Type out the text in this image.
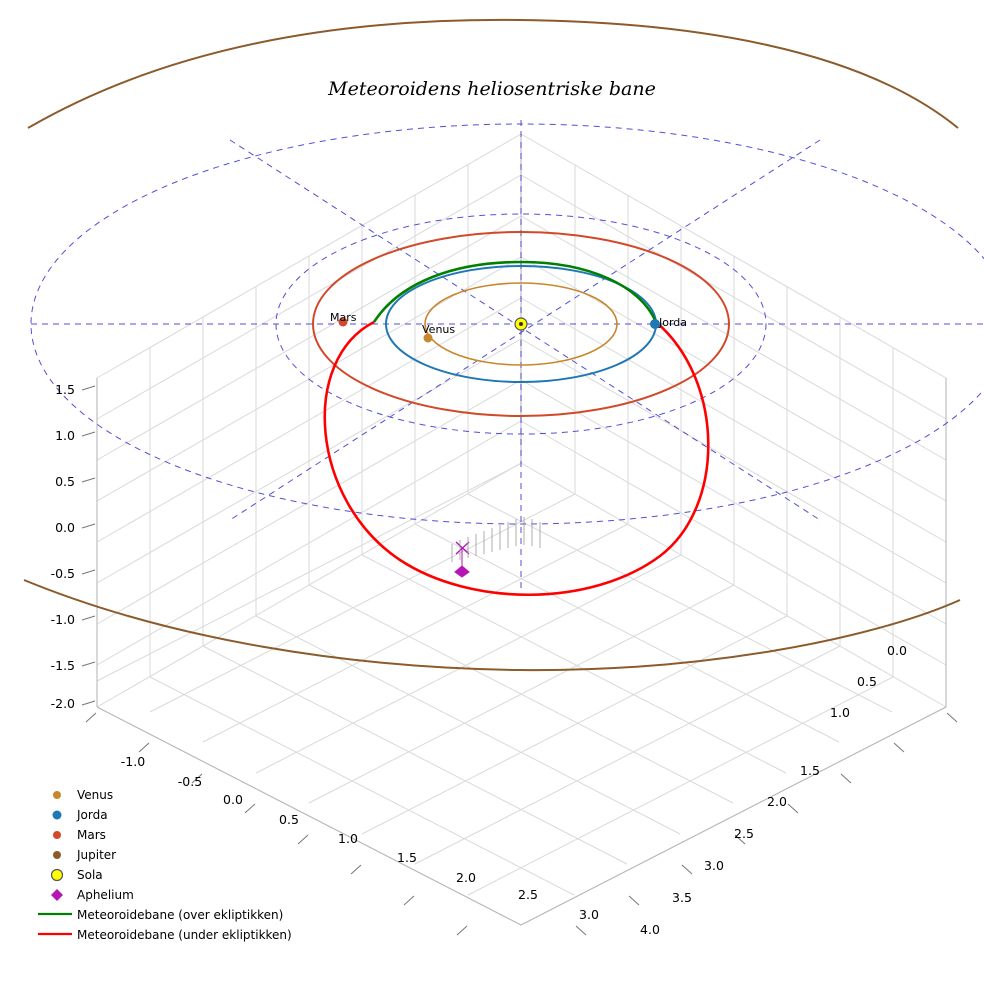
Mars
Venus
Jorda
Meteoroidens heliosentriske bane
1.5
1.0
0.5
0.0
-0.5
-1.0
-1.5
-2.0
-1.0
-0.5
0.0
0.5
1.0
1.5
2.0
2.5
3.0
0.0
0.5
1.0
1.5
2.0
2.5
3.0
3.5
4.0
Venus
Jorda
Mars
Jupiter
Sola
Aphelium
Meteoroidebane (over ekliptikken)
Meteoroidebane (under ekliptikken)
